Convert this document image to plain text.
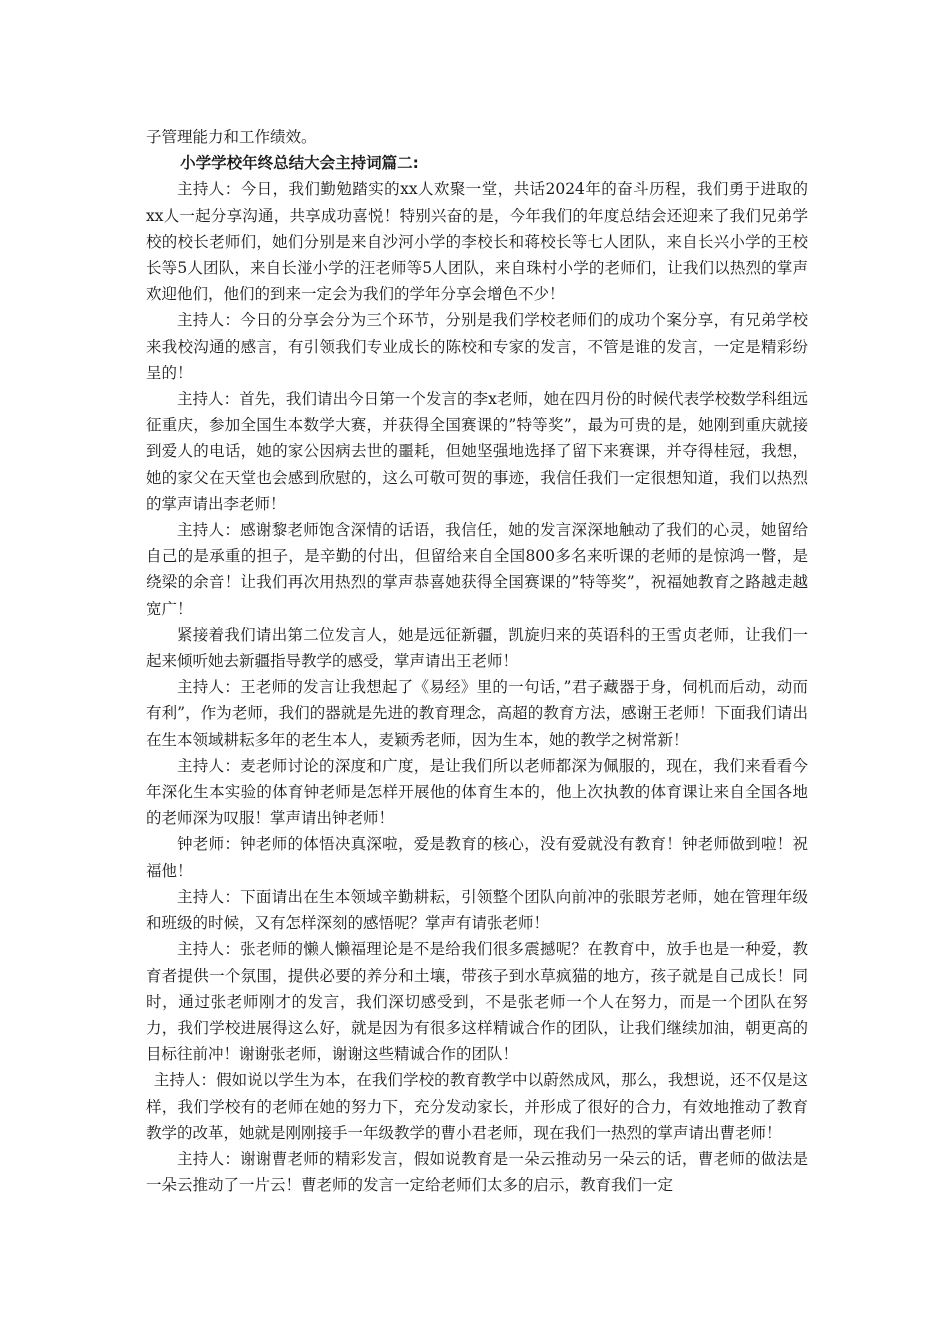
子管理能力和工作绩效。

小学学校年终总结大会主持词篇二:

主持人：今日，我们勤勉踏实的xx人欢聚一堂，共话2024年的奋斗历程，我们勇于进取的xx人一起分享沟通，共享成功喜悦！特别兴奋的是，今年我们的年度总结会还迎来了我们兄弟学校的校长老师们，她们分别是来自沙河小学的李校长和蒋校长等七人团队，来自长兴小学的王校长等5人团队，来自长湴小学的汪老师等5人团队，来自珠村小学的老师们，让我们以热烈的掌声欢迎他们，他们的到来一定会为我们的学年分享会增色不少！

主持人：今日的分享会分为三个环节，分别是我们学校老师们的成功个案分享，有兄弟学校来我校沟通的感言，有引领我们专业成长的陈校和专家的发言，不管是谁的发言，一定是精彩纷呈的！

主持人：首先，我们请出今日第一个发言的李x老师，她在四月份的时候代表学校数学科组远征重庆，参加全国生本数学大赛，并获得全国赛课的”特等奖”，最为可贵的是，她刚到重庆就接到爱人的电话，她的家公因病去世的噩耗，但她坚强地选择了留下来赛课，并夺得桂冠，我想，她的家父在天堂也会感到欣慰的，这么可敬可贺的事迹，我信任我们一定很想知道，我们以热烈的掌声请出李老师！

主持人：感谢黎老师饱含深情的话语，我信任，她的发言深深地触动了我们的心灵，她留给自己的是承重的担子，是辛勤的付出，但留给来自全国800多名来听课的老师的是惊鸿一瞥，是绕梁的余音！让我们再次用热烈的掌声恭喜她获得全国赛课的”特等奖”，祝福她教育之路越走越宽广！

紧接着我们请出第二位发言人，她是远征新疆，凯旋归来的英语科的王雪贞老师，让我们一起来倾听她去新疆指导教学的感受，掌声请出王老师！

主持人：王老师的发言让我想起了《易经》里的一句话，”君子藏器于身，伺机而后动，动而有利”，作为老师，我们的器就是先进的教育理念，高超的教育方法，感谢王老师！下面我们请出在生本领域耕耘多年的老生本人，麦颖秀老师，因为生本，她的教学之树常新！

主持人：麦老师讨论的深度和广度，是让我们所以老师都深为佩服的，现在，我们来看看今年深化生本实验的体育钟老师是怎样开展他的体育生本的，他上次执教的体育课让来自全国各地的老师深为叹服！掌声请出钟老师！

钟老师：钟老师的体悟决真深啦，爱是教育的核心，没有爱就没有教育！钟老师做到啦！祝福他！

主持人：下面请出在生本领域辛勤耕耘，引领整个团队向前冲的张眼芳老师，她在管理年级和班级的时候，又有怎样深刻的感悟呢？掌声有请张老师！

主持人：张老师的懒人懒福理论是不是给我们很多震撼呢？在教育中，放手也是一种爱，教育者提供一个氛围，提供必要的养分和土壤，带孩子到水草疯猫的地方，孩子就是自己成长！同时，通过张老师刚才的发言，我们深切感受到，不是张老师一个人在努力，而是一个团队在努力，我们学校进展得这么好，就是因为有很多这样精诚合作的团队，让我们继续加油，朝更高的目标往前冲！谢谢张老师，谢谢这些精诚合作的团队！

主持人：假如说以学生为本，在我们学校的教育教学中以蔚然成风，那么，我想说，还不仅是这样，我们学校有的老师在她的努力下，充分发动家长，并形成了很好的合力，有效地推动了教育教学的改革，她就是刚刚接手一年级教学的曹小君老师，现在我们一热烈的掌声请出曹老师！

主持人：谢谢曹老师的精彩发言，假如说教育是一朵云推动另一朵云的话，曹老师的做法是一朵云推动了一片云！曹老师的发言一定给老师们太多的启示，教育我们一定
